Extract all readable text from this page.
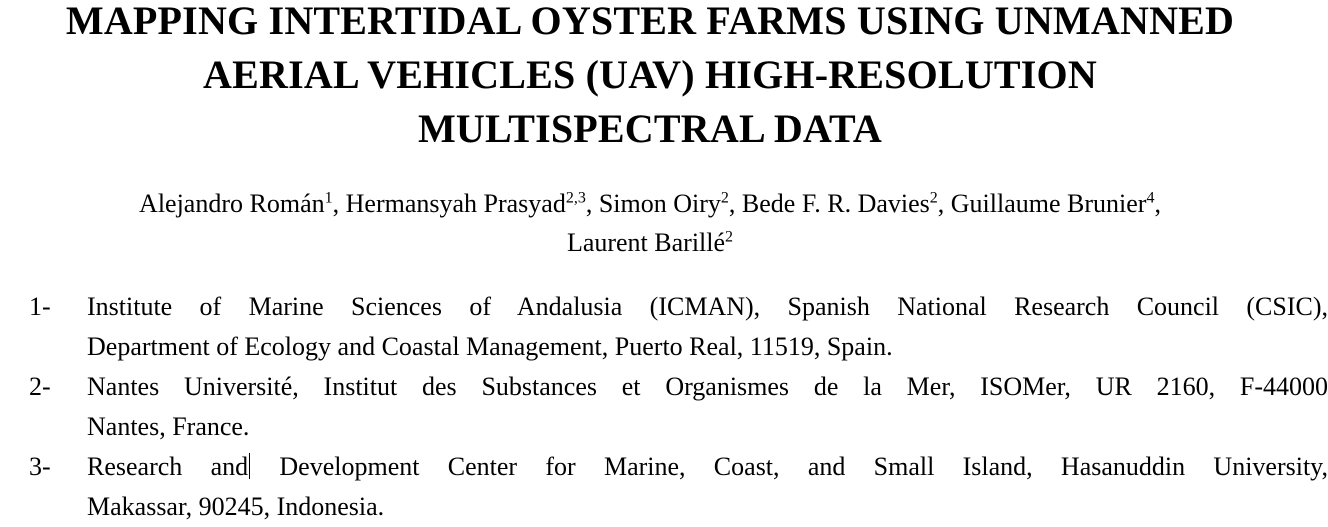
MAPPING INTERTIDAL OYSTER FARMS USING UNMANNED
AERIAL VEHICLES (UAV) HIGH-RESOLUTION
MULTISPECTRAL DATA
Alejandro Román$^1$, Hermansyah Prasyad$^{2,3}$, Simon Oiry$^2$, Bede F. R. Davies$^2$, Guillaume Brunier$^4$,
Laurent Barillé$^2$
1- Institute of Marine Sciences of Andalusia (ICMAN), Spanish National Research Council (CSIC),
Department of Ecology and Coastal Management, Puerto Real, 11519, Spain.
2- Nantes Université, Institut des Substances et Organismes de la Mer, ISOMer, UR 2160, F-44000
Nantes, France.
3- Research and Development Center for Marine, Coast, and Small Island, Hasanuddin University,
Makassar, 90245, Indonesia.
